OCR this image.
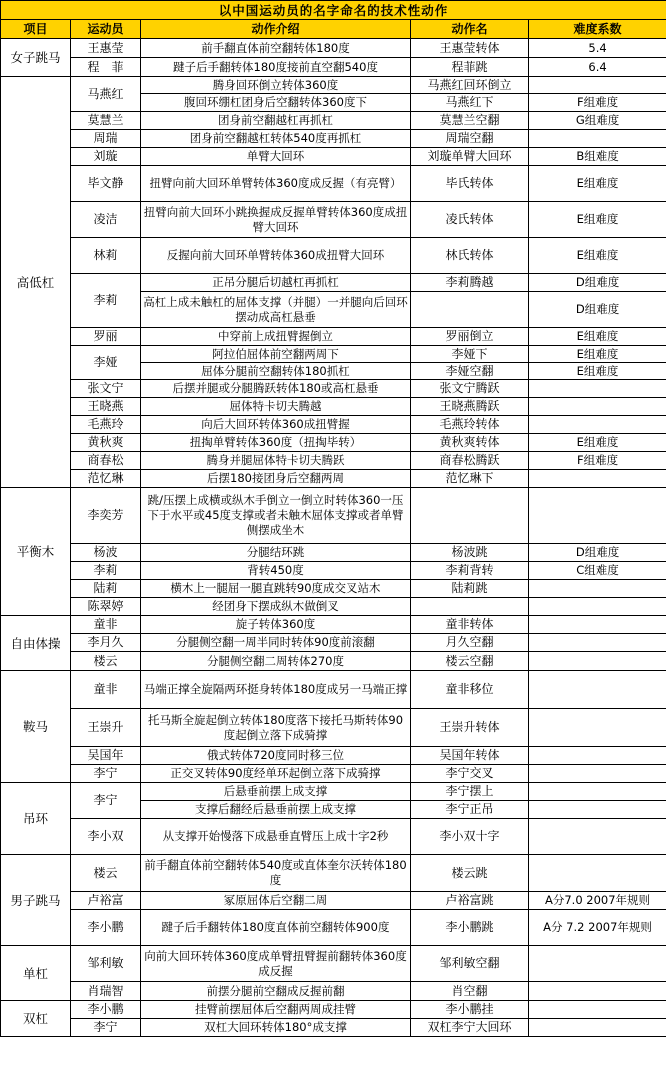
以中国运动员的名字命名的技术性动作				
项目	运动员	动作介绍	动作名	难度系数
女子跳马	王惠莹	前手翻直体前空翻转体180度	王惠莹转体	5.4
	程　菲	踺子后手翻转体180度接前直空翻540度	程菲跳	6.4
高低杠	马燕红	腾身回环倒立转体360度	马燕红回环倒立	
		腹回环绷杠团身后空翻转体360度下	马燕红下	F组难度
	莫慧兰	团身前空翻越杠再抓杠	莫慧兰空翻	G组难度
	周瑞	团身前空翻越杠转体540度再抓杠	周瑞空翻	
	刘璇	单臂大回环	刘璇单臂大回环	B组难度
	毕文静	扭臂向前大回环单臂转体360度成反握（有亮臂）	毕氏转体	E组难度
	凌洁	扭臂向前大回环小跳换握成反握单臂转体360度成扭臂大回环	凌氏转体	E组难度
	林莉	反握向前大回环单臂转体360成扭臂大回环	林氏转体	E组难度
	李莉	正吊分腿后切越杠再抓杠	李莉腾越	D组难度
		高杠上成未触杠的屈体支撑（并腿）一并腿向后回环摆动成高杠悬垂		D组难度
	罗丽	中穿前上成扭臂握倒立	罗丽倒立	E组难度
	李娅	阿拉伯屈体前空翻两周下	李娅下	E组难度
		屈体分腿前空翻转体180抓杠	李娅空翻	E组难度
	张文宁	后摆并腿或分腿腾跃转体180或高杠悬垂	张文宁腾跃	
	王晓燕	屈体特卡切夫腾越	王晓燕腾跃	
	毛燕玲	向后大回环转体360成扭臂握	毛燕玲转体	
	黄秋爽	扭掏单臂转体360度（扭掏毕转）	黄秋爽转体	E组难度
	商春松	腾身并腿屈体特卡切夫腾跃	商春松腾跃	F组难度
	范忆琳	后摆180接团身后空翻两周	范忆琳下	
平衡木	李奕芳	跳/压摆上成横或纵木手倒立一倒立时转体360一压下于水平或45度支撑或者未触木屈体支撑或者单臂侧摆成坐木		
	杨波	分腿结环跳	杨波跳	D组难度
	李莉	背转450度	李莉背转	C组难度
	陆莉	横木上一腿屈一腿直跳转90度成交叉站木	陆莉跳	
	陈翠婷	经团身下摆成纵木做倒叉		
自由体操	童非	旋子转体360度	童非转体	
	李月久	分腿侧空翻一周半同时转体90度前滚翻	月久空翻	
	楼云	分腿侧空翻二周转体270度	楼云空翻	
鞍马	童非	马端正撑全旋隔两环挺身转体180度成另一马端正撑	童非移位	
	王崇升	托马斯全旋起倒立转体180度落下接托马斯转体90度起倒立落下成骑撑	王崇升转体	
	吴国年	俄式转体720度同时移三位	吴国年转体	
	李宁	正交叉转体90度经单环起倒立落下成骑撑	李宁交叉	
吊环	李宁	后悬垂前摆上成支撑	李宁摆上	
		支撑后翻经后悬垂前摆上成支撑	李宁正吊	
	李小双	从支撑开始慢落下成悬垂直臂压上成十字2秒	李小双十字	
男子跳马	楼云	前手翻直体前空翻转体540度或直体奎尔沃转体180度	楼云跳	
	卢裕富	冢原屈体后空翻二周	卢裕富跳	A分7.0 2007年规则
	李小鹏	踺子后手翻转体180度直体前空翻转体900度	李小鹏跳	A分 7.2 2007年规则
单杠	邹利敏	向前大回环转体360度成单臂扭臂握前翻转体360度成反握	邹利敏空翻	
	肖瑞智	前摆分腿前空翻成反握前翻	肖空翻	
双杠	李小鹏	挂臂前摆屈体后空翻两周成挂臂	李小鹏挂	
	李宁	双杠大回环转体180°成支撑	双杠李宁大回环	
